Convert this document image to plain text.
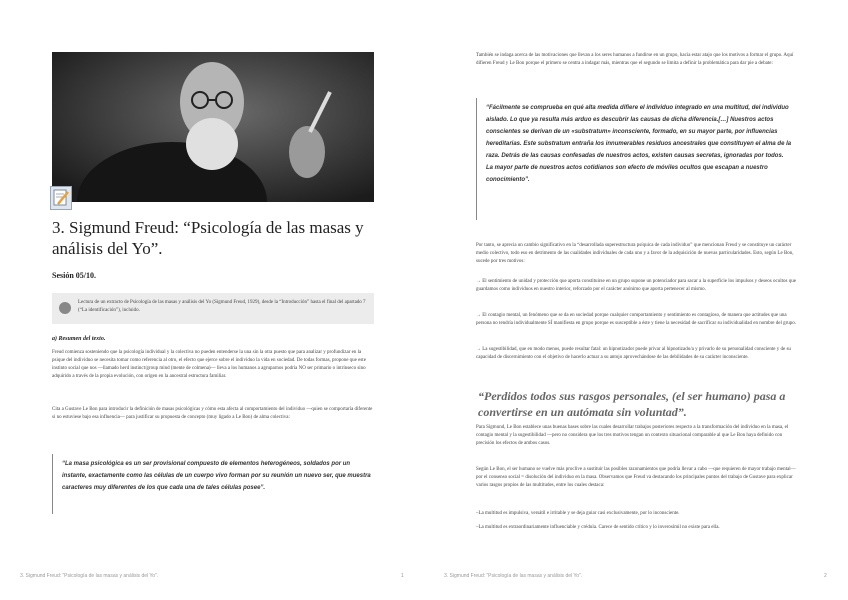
3. Sigmund Freud: “Psicología de las masas y análisis del Yo”.
Sesión 05/10.
Lectura de un extracto de Psicología de las masas y análisis del Yo (Sigmund Freud, 1929), desde la “Introducción” hasta el final del apartado 7 (“La identificación”), incluido.
a) Resumen del texto.
Freud comienza sosteniendo que la psicología individual y la colectiva no pueden entenderse la una sin la otra puesto que para analizar y profundizar en la psique del individuo se necesita tomar como referencia al otro, el efecto que ejerce sobre el individuo la vida en sociedad. De todas formas, propone que este instinto social que nos —llamado herd instinct/group mind (mente de colmena)— lleva a los humanos a agruparnos podría NO ser primario o intrínseco sino adquirido a través de la propia evolución, con origen en la ancestral estructura familiar.
Cita a Gustave Le Bon para introducir la definición de masas psicológicas y cómo esta afecta al comportamiento del individuo —quien se comportaría diferente si no estuviese bajo esa influencia— para justificar su propuesta de concepto (muy ligado a Le Bon) de alma colectiva:
“La masa psicológica es un ser provisional compuesto de elementos heterogéneos, soldados por un instante, exactamente como las células de un cuerpo vivo forman por su reunión un nuevo ser, que muestra caracteres muy diferentes de los que cada una de tales células posee”.
3. Sigmund Freud: “Psicología de las masas y análisis del Yo”.	1
También se indaga acerca de las motivaciones que llevan a los seres humanos a fundirse en un grupo, hacia estar atajo que los motivos a formar el grupo. Aquí difieren Freud y Le Bon porque el primero se centra a indagar más, mientras que el segundo se limita a definir la problemática para dar pie a debate:
“Fácilmente se comprueba en qué alta medida difiere el individuo integrado en una multitud, del individuo aislado. Lo que ya resulta más arduo es descubrir las causas de dicha diferencia.[…] Nuestros actos conscientes se derivan de un «substratum» inconsciente, formado, en su mayor parte, por influencias hereditarias. Este substratum entraña los innumerables residuos ancestrales que constituyen el alma de la raza. Detrás de las causas confesadas de nuestros actos, existen causas secretas, ignoradas por todos. La mayor parte de nuestros actos cotidianos son efecto de móviles ocultos que escapan a nuestro conocimiento”.
Por tanto, se aprecia un cambio significativo en la “desarrollada superestructura psíquica de cada individuo” que mencionan Freud y se constituye un carácter medio colectivo, todo eso en detrimento de las cualidades individuales de cada uno y a favor de la adquisición de nuevas particularidades. Esto, según Le Bon, sucede por tres motivos:
→ El sentimiento de unidad y protección que aporta constituirse en un grupo supone un potenciador para sacar a la superficie los impulsos y deseos ocultos que guardamos como individuos en nuestro interior, reforzado por el carácter anónimo que aporta pertenecer al mismo.
→ El contagio mental, un fenómeno que se da en sociedad porque cualquier comportamiento y sentimiento es contagioso, de manera que actitudes que una persona no tendría individualmente SÍ manifiesta en grupo porque es susceptible a éste y tiene la necesidad de sacrificar su individualidad en nombre del grupo.
→ La sugestibilidad, que en modo menos, puede resultar fatal: un hipnotizador puede privar al hipnotizado/a y privarlo de su personalidad consciente y de su capacidad de discernimiento con el objetivo de hacerlo actuar a su antojo aprovechándose de las debilidades de su carácter inconsciente.
“Perdidos todos sus rasgos personales, (el ser humano) pasa a convertirse en un autómata sin voluntad”.
Para Sigmund, Le Bon establece unas buenas bases sobre las cuales desarrollar trabajos posteriores respecto a la transformación del individuo en la masa, el contagio mental y la sugestibilidad —pero no considera que los tres motivos tengan un contexto situacional comparable al que Le Bon haya definido con precisión los efectos de ambos casos.
Según Le Bon, el ser humano se vuelve más proclive a sustituir las posibles razonamientos que podría llevar a cabo —que requieren de mayor trabajo mental— por el consenso social = disolución del individuo en la masa. Observamos que Freud va destacando los principales puntos del trabajo de Gustave para explicar varios rasgos propios de las multitudes, entre los cuales destaca:
–La multitud es impulsiva, versátil e irritable y se deja guiar casi exclusivamente, por lo inconsciente.
–La multitud es extraordinariamente influenciable y crédula. Carece de sentido crítico y lo inverosímil no existe para ella.
3. Sigmund Freud: “Psicología de las masas y análisis del Yo”.	2
